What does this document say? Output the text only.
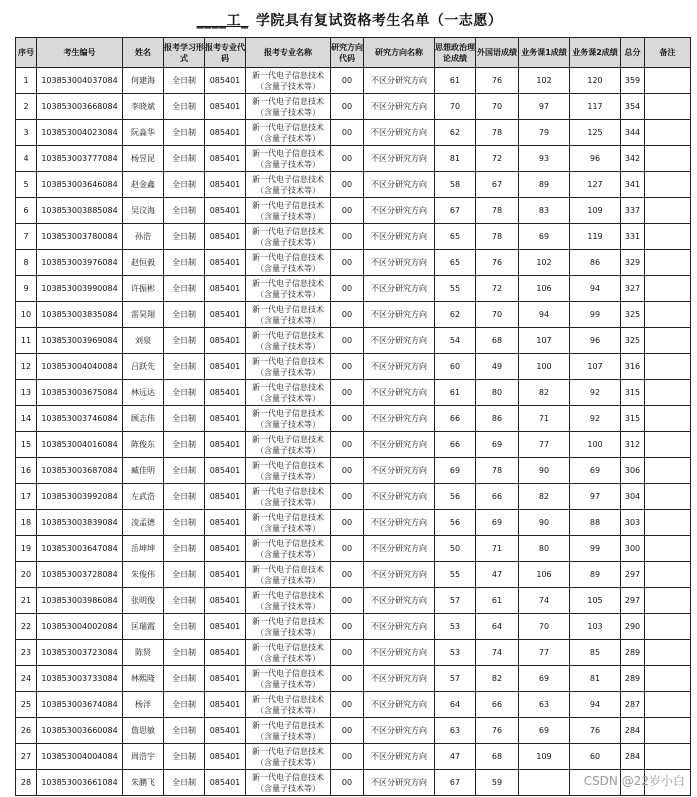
____工_ 学院具有复试资格考生名单（一志愿）
序号	考生编号	姓名	报考学习形式	报考专业代码	报考专业名称	研究方向代码	研究方向名称	思想政治理论成绩	外国语成绩	业务课1成绩	业务课2成绩	总分	备注
1	103853004037084	何建海	全日制	085401	新一代电子信息技术（含量子技术等）	00	不区分研究方向	61	76	102	120	359	
2	103853003668084	李晓斌	全日制	085401	新一代电子信息技术（含量子技术等）	00	不区分研究方向	70	70	97	117	354	
3	103853004023084	阮淼华	全日制	085401	新一代电子信息技术（含量子技术等）	00	不区分研究方向	62	78	79	125	344	
4	103853003777084	杨昱昆	全日制	085401	新一代电子信息技术（含量子技术等）	00	不区分研究方向	81	72	93	96	342	
5	103853003646084	赵金鑫	全日制	085401	新一代电子信息技术（含量子技术等）	00	不区分研究方向	58	67	89	127	341	
6	103853003885084	吴汶海	全日制	085401	新一代电子信息技术（含量子技术等）	00	不区分研究方向	67	78	83	109	337	
7	103853003780084	孙浩	全日制	085401	新一代电子信息技术（含量子技术等）	00	不区分研究方向	65	78	69	119	331	
8	103853003976084	赵恒毅	全日制	085401	新一代电子信息技术（含量子技术等）	00	不区分研究方向	65	76	102	86	329	
9	103853003990084	许振彬	全日制	085401	新一代电子信息技术（含量子技术等）	00	不区分研究方向	55	72	106	94	327	
10	103853003835084	雷昊翔	全日制	085401	新一代电子信息技术（含量子技术等）	00	不区分研究方向	62	70	94	99	325	
11	103853003969084	刘泉	全日制	085401	新一代电子信息技术（含量子技术等）	00	不区分研究方向	54	68	107	96	325	
12	103853004040084	吕跃先	全日制	085401	新一代电子信息技术（含量子技术等）	00	不区分研究方向	60	49	100	107	316	
13	103853003675084	林远达	全日制	085401	新一代电子信息技术（含量子技术等）	00	不区分研究方向	61	80	82	92	315	
14	103853003746084	顾志伟	全日制	085401	新一代电子信息技术（含量子技术等）	00	不区分研究方向	66	86	71	92	315	
15	103853004016084	陈俊东	全日制	085401	新一代电子信息技术（含量子技术等）	00	不区分研究方向	66	69	77	100	312	
16	103853003687084	臧佳明	全日制	085401	新一代电子信息技术（含量子技术等）	00	不区分研究方向	69	78	90	69	306	
17	103853003992084	左武浩	全日制	085401	新一代电子信息技术（含量子技术等）	00	不区分研究方向	56	66	82	97	304	
18	103853003839084	凌孟德	全日制	085401	新一代电子信息技术（含量子技术等）	00	不区分研究方向	56	69	90	88	303	
19	103853003647084	岳坤坤	全日制	085401	新一代电子信息技术（含量子技术等）	00	不区分研究方向	50	71	80	99	300	
20	103853003728084	朱俊伟	全日制	085401	新一代电子信息技术（含量子技术等）	00	不区分研究方向	55	47	106	89	297	
21	103853003986084	张明俊	全日制	085401	新一代电子信息技术（含量子技术等）	00	不区分研究方向	57	61	74	105	297	
22	103853004002084	匡瑞霞	全日制	085401	新一代电子信息技术（含量子技术等）	00	不区分研究方向	53	64	70	103	290	
23	103853003723084	陈贤	全日制	085401	新一代电子信息技术（含量子技术等）	00	不区分研究方向	53	74	77	85	289	
24	103853003733084	林熙隆	全日制	085401	新一代电子信息技术（含量子技术等）	00	不区分研究方向	57	82	69	81	289	
25	103853003674084	杨洋	全日制	085401	新一代电子信息技术（含量子技术等）	00	不区分研究方向	64	66	63	94	287	
26	103853003660084	詹思敏	全日制	085401	新一代电子信息技术（含量子技术等）	00	不区分研究方向	63	76	69	76	284	
27	103853004004084	周浩宇	全日制	085401	新一代电子信息技术（含量子技术等）	00	不区分研究方向	47	68	109	60	284	
28	103853003661084	朱鹏飞	全日制	085401	新一代电子信息技术（含量子技术等）	00	不区分研究方向	67	59					CSDN @22岁小白
